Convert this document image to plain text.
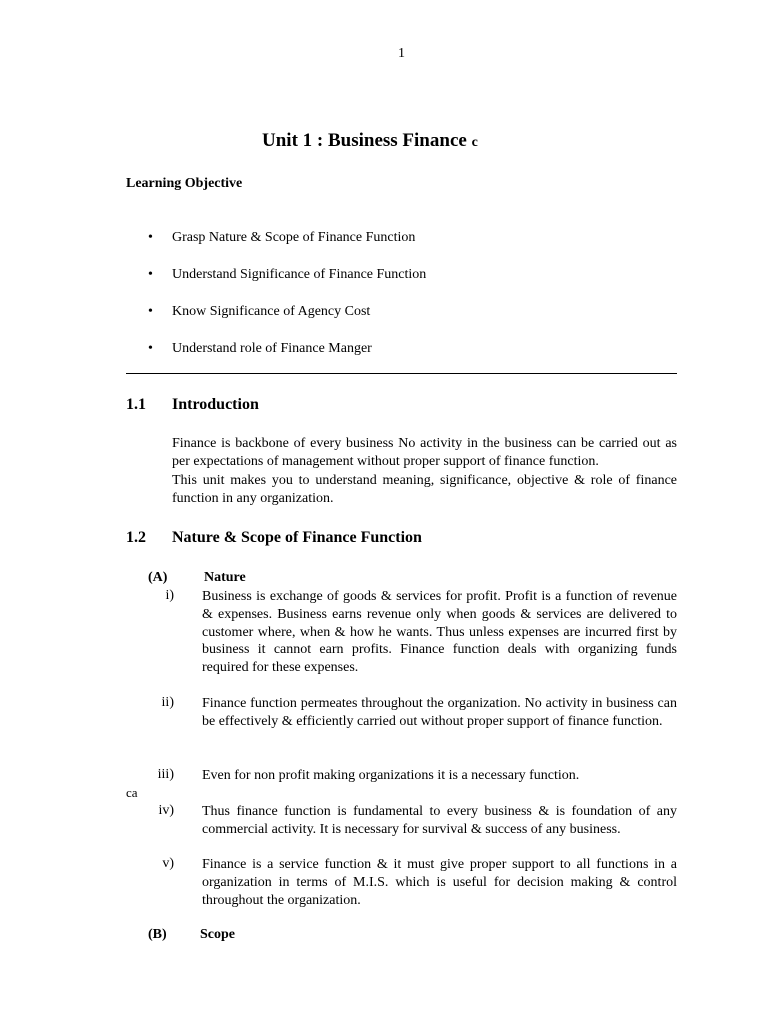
1
Unit 1 : Business Finance c
Learning Objective
• Grasp Nature & Scope of Finance Function
• Understand Significance of Finance Function
• Know Significance of Agency Cost
• Understand role of Finance Manger
1.1 Introduction
Finance is backbone of every business No activity in the business can be carried out as per expectations of management without proper support of finance function.
This unit makes you to understand meaning, significance, objective & role of finance function in any organization.
1.2 Nature & Scope of Finance Function
(A)	Nature
i) Business is exchange of goods & services for profit. Profit is a function of revenue & expenses. Business earns revenue only when goods & services are delivered to customer where, when & how he wants. Thus unless expenses are incurred first by business it cannot earn profits. Finance function deals with organizing funds required for these expenses.
ii) Finance function permeates throughout the organization. No activity in business can be effectively & efficiently carried out without proper support of finance function.
iii) Even for non profit making organizations it is a necessary function.
ca
iv) Thus finance function is fundamental to every business & is foundation of any commercial activity. It is necessary for survival & success of any business.
v) Finance is a service function & it must give proper support to all functions in a organization in terms of M.I.S. which is useful for decision making & control throughout the organization.
(B) Scope
